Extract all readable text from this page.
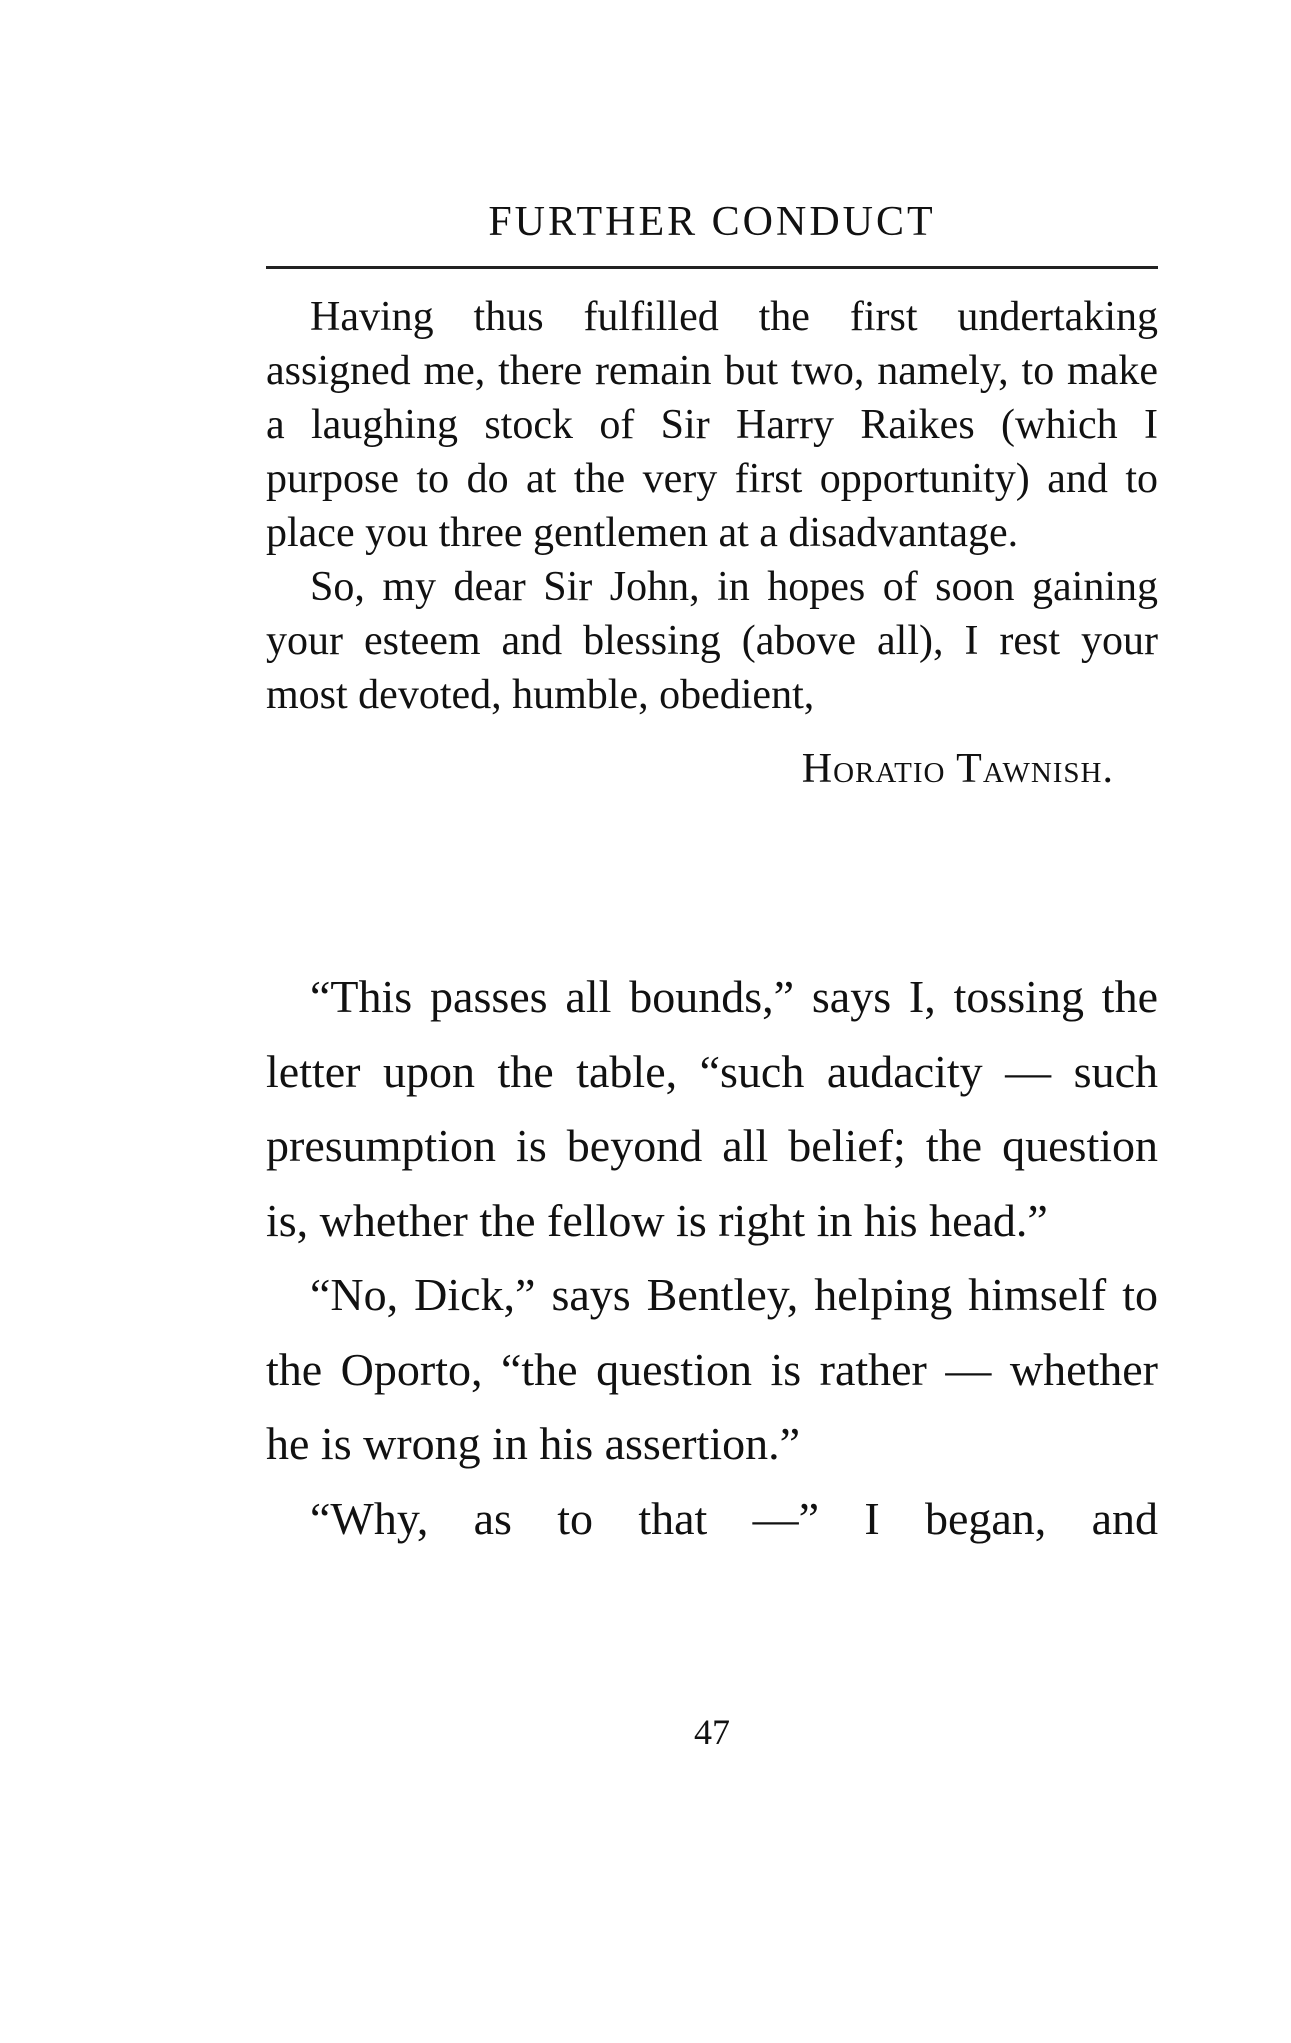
FURTHER CONDUCT

Having thus fulfilled the first undertaking assigned me, there remain but two, namely, to make a laughing stock of Sir Harry Raikes (which I purpose to do at the very first opportunity) and to place you three gentlemen at a disadvantage.

So, my dear Sir John, in hopes of soon gaining your esteem and blessing (above all), I rest your most devoted, humble, obedient,

Horatio Tawnish.

“This passes all bounds,” says I, tossing the letter upon the table, “such audacity — such presumption is beyond all belief; the question is, whether the fellow is right in his head.”

“No, Dick,” says Bentley, helping himself to the Oporto, “the question is rather — whether he is wrong in his assertion.”

“Why, as to that —” I began, and

47
